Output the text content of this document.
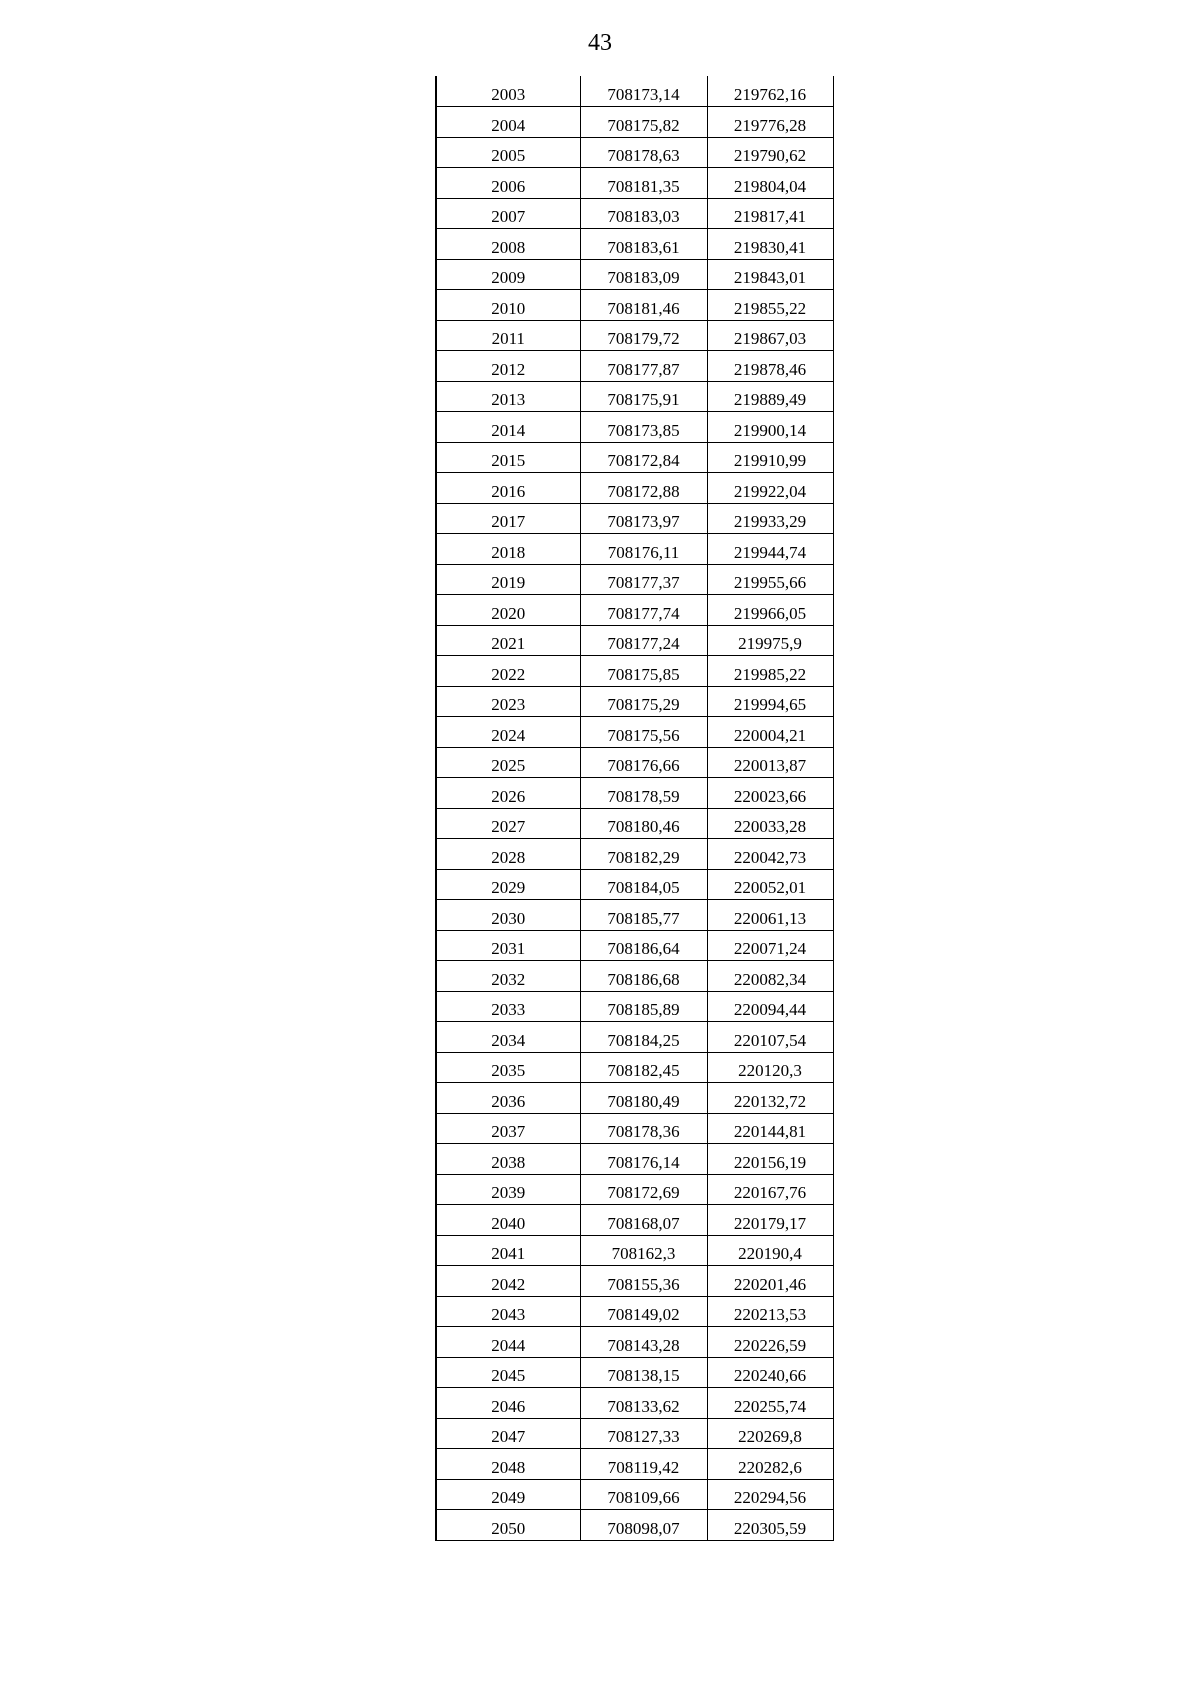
43
2003	708173,14	219762,16
2004	708175,82	219776,28
2005	708178,63	219790,62
2006	708181,35	219804,04
2007	708183,03	219817,41
2008	708183,61	219830,41
2009	708183,09	219843,01
2010	708181,46	219855,22
2011	708179,72	219867,03
2012	708177,87	219878,46
2013	708175,91	219889,49
2014	708173,85	219900,14
2015	708172,84	219910,99
2016	708172,88	219922,04
2017	708173,97	219933,29
2018	708176,11	219944,74
2019	708177,37	219955,66
2020	708177,74	219966,05
2021	708177,24	219975,9
2022	708175,85	219985,22
2023	708175,29	219994,65
2024	708175,56	220004,21
2025	708176,66	220013,87
2026	708178,59	220023,66
2027	708180,46	220033,28
2028	708182,29	220042,73
2029	708184,05	220052,01
2030	708185,77	220061,13
2031	708186,64	220071,24
2032	708186,68	220082,34
2033	708185,89	220094,44
2034	708184,25	220107,54
2035	708182,45	220120,3
2036	708180,49	220132,72
2037	708178,36	220144,81
2038	708176,14	220156,19
2039	708172,69	220167,76
2040	708168,07	220179,17
2041	708162,3	220190,4
2042	708155,36	220201,46
2043	708149,02	220213,53
2044	708143,28	220226,59
2045	708138,15	220240,66
2046	708133,62	220255,74
2047	708127,33	220269,8
2048	708119,42	220282,6
2049	708109,66	220294,56
2050	708098,07	220305,59
